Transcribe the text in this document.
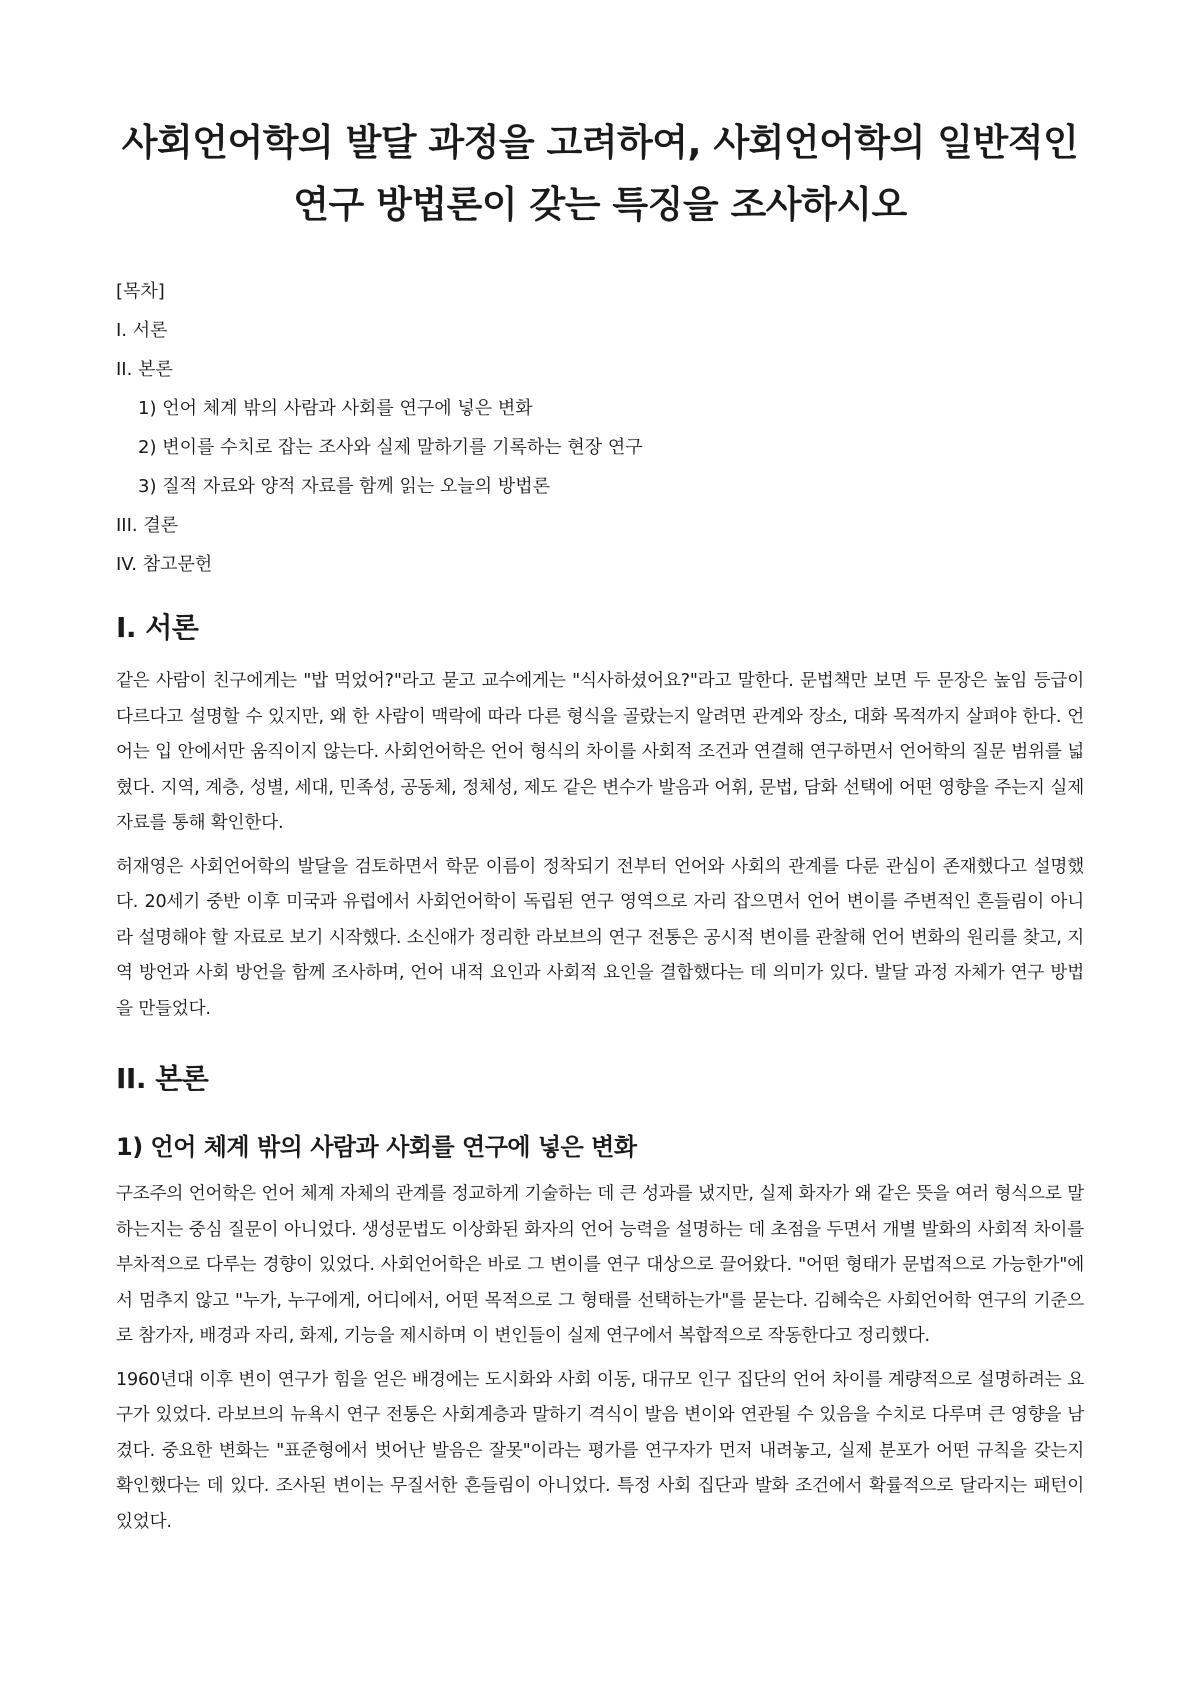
사회언어학의 발달 과정을 고려하여, 사회언어학의 일반적인
연구 방법론이 갖는 특징을 조사하시오
[목차]
I. 서론
II. 본론
1) 언어 체계 밖의 사람과 사회를 연구에 넣은 변화
2) 변이를 수치로 잡는 조사와 실제 말하기를 기록하는 현장 연구
3) 질적 자료와 양적 자료를 함께 읽는 오늘의 방법론
III. 결론
IV. 참고문헌
I. 서론

같은 사람이 친구에게는 "밥 먹었어?"라고 묻고 교수에게는 "식사하셨어요?"라고 말한다. 문법책만 보면 두 문장은 높임 등급이 다르다고 설명할 수 있지만, 왜 한 사람이 맥락에 따라 다른 형식을 골랐는지 알려면 관계와 장소, 대화 목적까지 살펴야 한다. 언어는 입 안에서만 움직이지 않는다. 사회언어학은 언어 형식의 차이를 사회적 조건과 연결해 연구하면서 언어학의 질문 범위를 넓혔다. 지역, 계층, 성별, 세대, 민족성, 공동체, 정체성, 제도 같은 변수가 발음과 어휘, 문법, 담화 선택에 어떤 영향을 주는지 실제 자료를 통해 확인한다.

허재영은 사회언어학의 발달을 검토하면서 학문 이름이 정착되기 전부터 언어와 사회의 관계를 다룬 관심이 존재했다고 설명했다. 20세기 중반 이후 미국과 유럽에서 사회언어학이 독립된 연구 영역으로 자리 잡으면서 언어 변이를 주변적인 흔들림이 아니라 설명해야 할 자료로 보기 시작했다. 소신애가 정리한 라보브의 연구 전통은 공시적 변이를 관찰해 언어 변화의 원리를 찾고, 지역 방언과 사회 방언을 함께 조사하며, 언어 내적 요인과 사회적 요인을 결합했다는 데 의미가 있다. 발달 과정 자체가 연구 방법을 만들었다.

II. 본론
1) 언어 체계 밖의 사람과 사회를 연구에 넣은 변화

구조주의 언어학은 언어 체계 자체의 관계를 정교하게 기술하는 데 큰 성과를 냈지만, 실제 화자가 왜 같은 뜻을 여러 형식으로 말하는지는 중심 질문이 아니었다. 생성문법도 이상화된 화자의 언어 능력을 설명하는 데 초점을 두면서 개별 발화의 사회적 차이를 부차적으로 다루는 경향이 있었다. 사회언어학은 바로 그 변이를 연구 대상으로 끌어왔다. "어떤 형태가 문법적으로 가능한가"에서 멈추지 않고 "누가, 누구에게, 어디에서, 어떤 목적으로 그 형태를 선택하는가"를 묻는다. 김혜숙은 사회언어학 연구의 기준으로 참가자, 배경과 자리, 화제, 기능을 제시하며 이 변인들이 실제 연구에서 복합적으로 작동한다고 정리했다.

1960년대 이후 변이 연구가 힘을 얻은 배경에는 도시화와 사회 이동, 대규모 인구 집단의 언어 차이를 계량적으로 설명하려는 요구가 있었다. 라보브의 뉴욕시 연구 전통은 사회계층과 말하기 격식이 발음 변이와 연관될 수 있음을 수치로 다루며 큰 영향을 남겼다. 중요한 변화는 "표준형에서 벗어난 발음은 잘못"이라는 평가를 연구자가 먼저 내려놓고, 실제 분포가 어떤 규칙을 갖는지 확인했다는 데 있다. 조사된 변이는 무질서한 흔들림이 아니었다. 특정 사회 집단과 발화 조건에서 확률적으로 달라지는 패턴이 있었다.
